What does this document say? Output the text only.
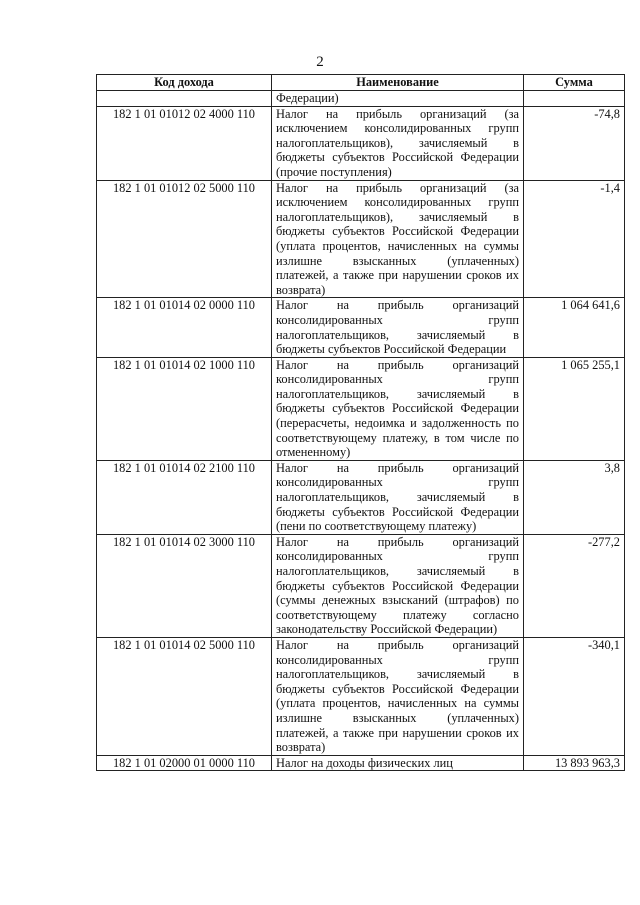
2
Код дохода	Наименование	Сумма
	Федерации)	
182 1 01 01012 02 4000 110	Налог на прибыль организаций (за исключением консолидированных групп налогоплательщиков), зачисляемый в бюджеты субъектов Российской Федерации (прочие поступления)	-74,8
182 1 01 01012 02 5000 110	Налог на прибыль организаций (за исключением консолидированных групп налогоплательщиков), зачисляемый в бюджеты субъектов Российской Федерации (уплата процентов, начисленных на суммы излишне взысканных (уплаченных) платежей, а также при нарушении сроков их возврата)	-1,4
182 1 01 01014 02 0000 110	Налог на прибыль организаций консолидированных групп налогоплательщиков, зачисляемый в бюджеты субъектов Российской Федерации	1 064 641,6
182 1 01 01014 02 1000 110	Налог на прибыль организаций консолидированных групп налогоплательщиков, зачисляемый в бюджеты субъектов Российской Федерации (перерасчеты, недоимка и задолженность по соответствующему платежу, в том числе по отмененному)	1 065 255,1
182 1 01 01014 02 2100 110	Налог на прибыль организаций консолидированных групп налогоплательщиков, зачисляемый в бюджеты субъектов Российской Федерации (пени по соответствующему платежу)	3,8
182 1 01 01014 02 3000 110	Налог на прибыль организаций консолидированных групп налогоплательщиков, зачисляемый в бюджеты субъектов Российской Федерации (суммы денежных взысканий (штрафов) по соответствующему платежу согласно законодательству Российской Федерации)	-277,2
182 1 01 01014 02 5000 110	Налог на прибыль организаций консолидированных групп налогоплательщиков, зачисляемый в бюджеты субъектов Российской Федерации (уплата процентов, начисленных на суммы излишне взысканных (уплаченных) платежей, а также при нарушении сроков их возврата)	-340,1
182 1 01 02000 01 0000 110	Налог на доходы физических лиц	13 893 963,3
